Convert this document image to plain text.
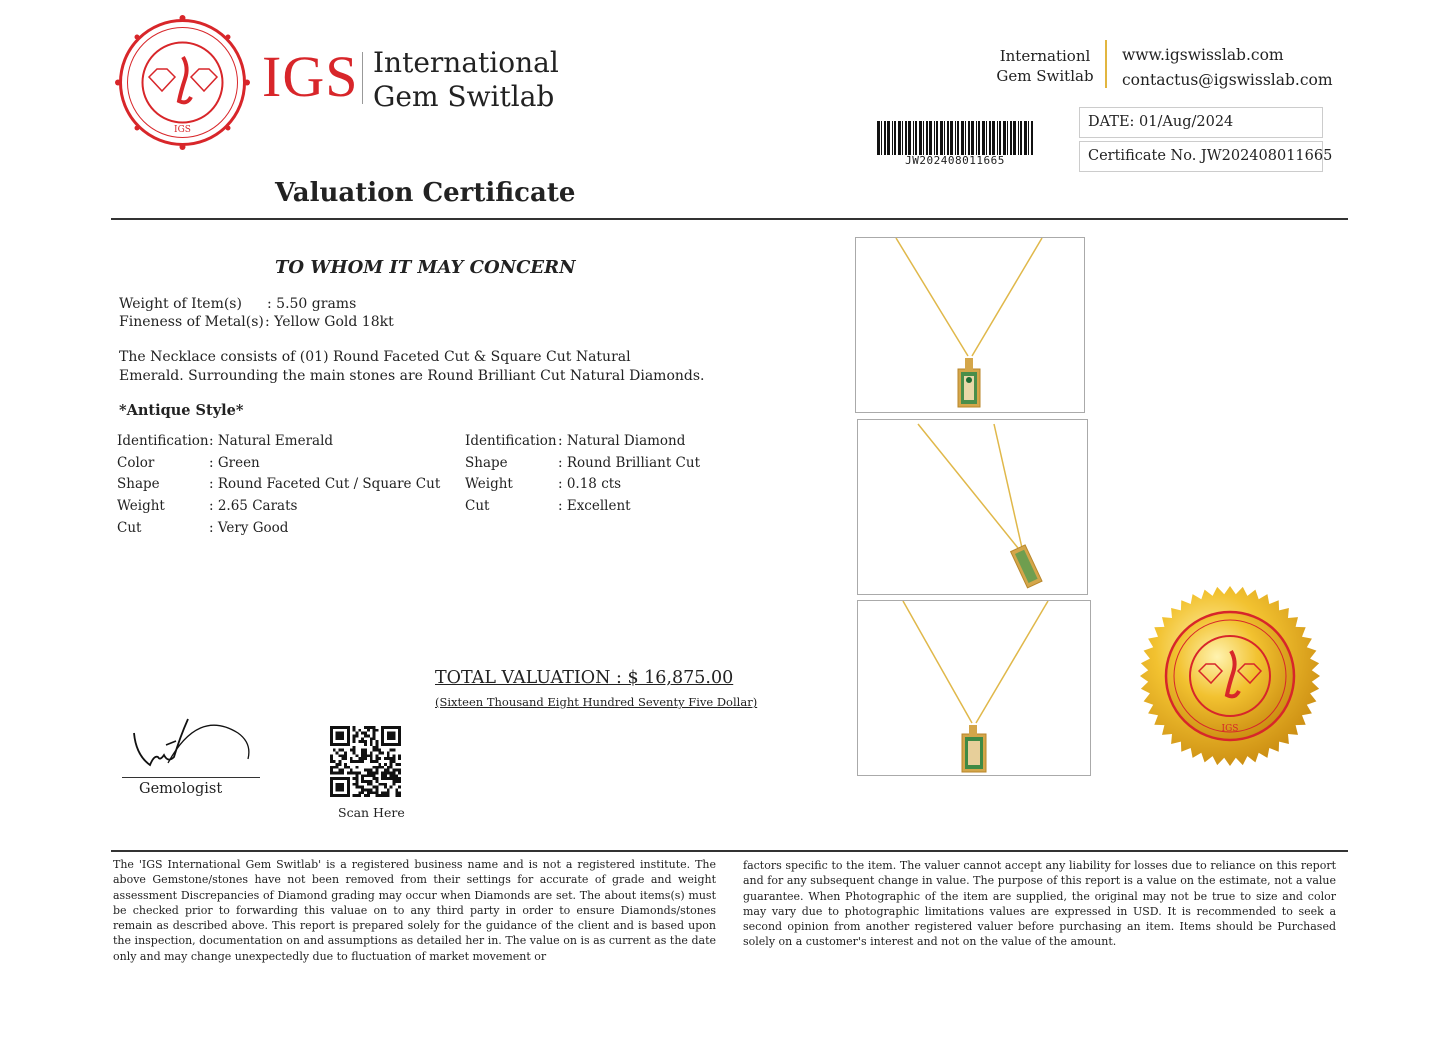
IGS
IGS International
Gem Switlab
Internationl
Gem Switlab
www.igswisslab.com
contactus@igswisslab.com
JW202408011665
DATE: 01/Aug/2024
Certificate No. JW202408011665
Valuation Certificate
TO WHOM IT MAY CONCERN
Weight of Item(s) : 5.50 grams
Fineness of Metal(s) : Yellow Gold 18kt
The Necklace consists of (01) Round Faceted Cut & Square Cut Natural
Emerald. Surrounding the main stones are Round Brilliant Cut Natural Diamonds.
*Antique Style*
Identification
Color
Shape
Weight
Cut
: Natural Emerald
: Green
: Round Faceted Cut / Square Cut
: 2.65 Carats
: Very Good
Identification
Shape
Weight
Cut
: Natural Diamond
: Round Brilliant Cut
: 0.18 cts
: Excellent
TOTAL VALUATION : $ 16,875.00
(Sixteen Thousand Eight Hundred Seventy Five Dollar)
Gemologist
Scan Here
IGS
The 'IGS International Gem Switlab' is a registered business name and is not a registered institute. The above Gemstone/stones have not been removed from their settings for accurate of grade and weight assessment Discrepancies of Diamond grading may occur when Diamonds are set. The about items(s) must be checked prior to forwarding this valuae on to any third party in order to ensure Diamonds/stones remain as described above. This report is prepared solely for the guidance of the client and is based upon the inspection, documentation on and assumptions as detailed her in. The value on is as current as the date only and may change unexpectedly due to fluctuation of market movement or
factors specific to the item. The valuer cannot accept any liability for losses due to reliance on this report and for any subsequent change in value. The purpose of this report is a value on the estimate, not a value guarantee. When Photographic of the item are supplied, the original may not be true to size and color may vary due to photographic limitations values are expressed in USD. It is recommended to seek a second opinion from another registered valuer before purchasing an item. Items should be Purchased solely on a customer's interest and not on the value of the amount.
